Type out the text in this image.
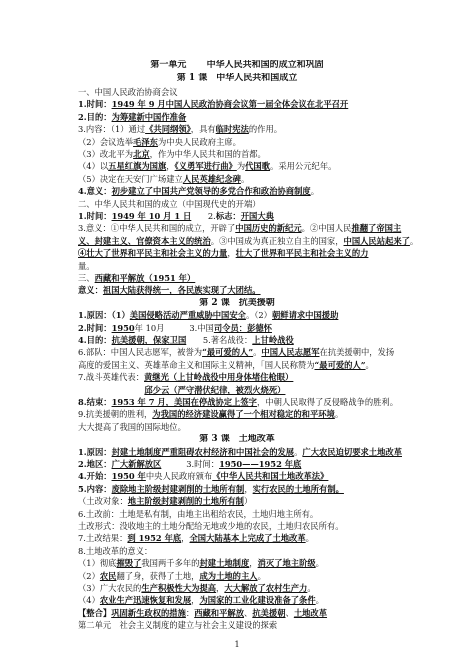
第一单元 中华人民共和国的成立和巩固
第 1 课　中华人民共和国成立
一、中国人民政治协商会议
1.时间：1949 年 9 月中国人民政治协商会议第一届全体会议在北平召开
2.目的：为筹建新中国作准备
3.内容：（1）通过《共同纲领》，具有临时宪法的作用。
（2）会议选举毛泽东为中央人民政府主席。
（3）改北平为北京，作为中华人民共和国的首都。
（4）以五星红旗为国旗，《义勇军进行曲》为代国歌。采用公元纪年。
（5）决定在天安门广场建立人民英雄纪念碑。
4.意义：初步建立了中国共产党领导的多党合作和政治协商制度。
二、中华人民共和国的成立（中国现代史的开端）
1.时间：1949 年 10 月 1 日　　2.标志：开国大典
3.意义：①中华人民共和国的成立，开辟了中国历史的新纪元。②中国人民推翻了帝国主
义、封建主义、官僚资本主义的统治。③中国成为真正独立自主的国家，中国人民站起来了。
④壮大了世界和平民主和社会主义的力量，壮大了世界和平民主和社会主义的力
量。
三、西藏和平解放（1951 年）
意义：祖国大陆获得统一，各民族实现了大团结。
第 2 课　抗美援朝
1.原因：（1）美国侵略活动严重威胁中国安全。（2）朝鲜请求中国援助
2.时间：1950年 10月　　　3.中国司令员：彭德怀
4.目的：抗美援朝，保家卫国　　5.著名战役：上甘岭战役
6.部队：中国人民志愿军，被誉为“最可爱的人”。中国人民志愿军在抗美援朝中，发扬
高度的爱国主义、英雄革命主义和国际主义精神，「国人民称赞为“最可爱的人”。
7.战斗英雄代表：黄继光（上甘岭战役中用身体堵住枪眼）
　　　　　　　　邱少云（严守潜伏纪律，被烈火烧死）
8.结束：1953 年 7 月，美国在停战协定上签字，中朝人民取得了反侵略战争的胜利。
9.抗美援朝的胜利，为我国的经济建设赢得了一个相对稳定的和平环境。
大大提高了我国的国际地位。
第 3 课　土地改革
1.原因：封建土地制度严重阻碍农村经济和中国社会的发展。广大农民迫切要求土地改革
2.地区：广大新解放区　　　3.时间：1950——1952 年底
4.开始：1950 年中央人民政府颁布《中华人民共和国土地改革法》
5.内容：废除地主阶级封建剥削的土地所有制，实行农民的土地所有制。
（土改对象：地主阶级封建剥削的土地所有制）
6.土改前：土地是私有制，由地主出租给农民，土地归地主所有。
土改形式：没收地主的土地分配给无地或少地的农民，土地归农民所有。
7.土改结果：到 1952 年底，全国大陆基本上完成了土地改革。
8.土地改革的意义：
（1）彻底摧毁了我国两千多年的封建土地制度，消灭了地主阶级。
（2）农民翻了身，获得了土地，成为土地的主人。
（3）广大农民的生产积极性大为提高，大大解放了农村生产力。
（4）农业生产迅速恢复和发展，为国家的工业化建设准备了条件。
【整合】巩固新生政权的措施：西藏和平解放、抗美援朝、土地改革
第二单元　社会主义制度的建立与社会主义建设的探索
1
